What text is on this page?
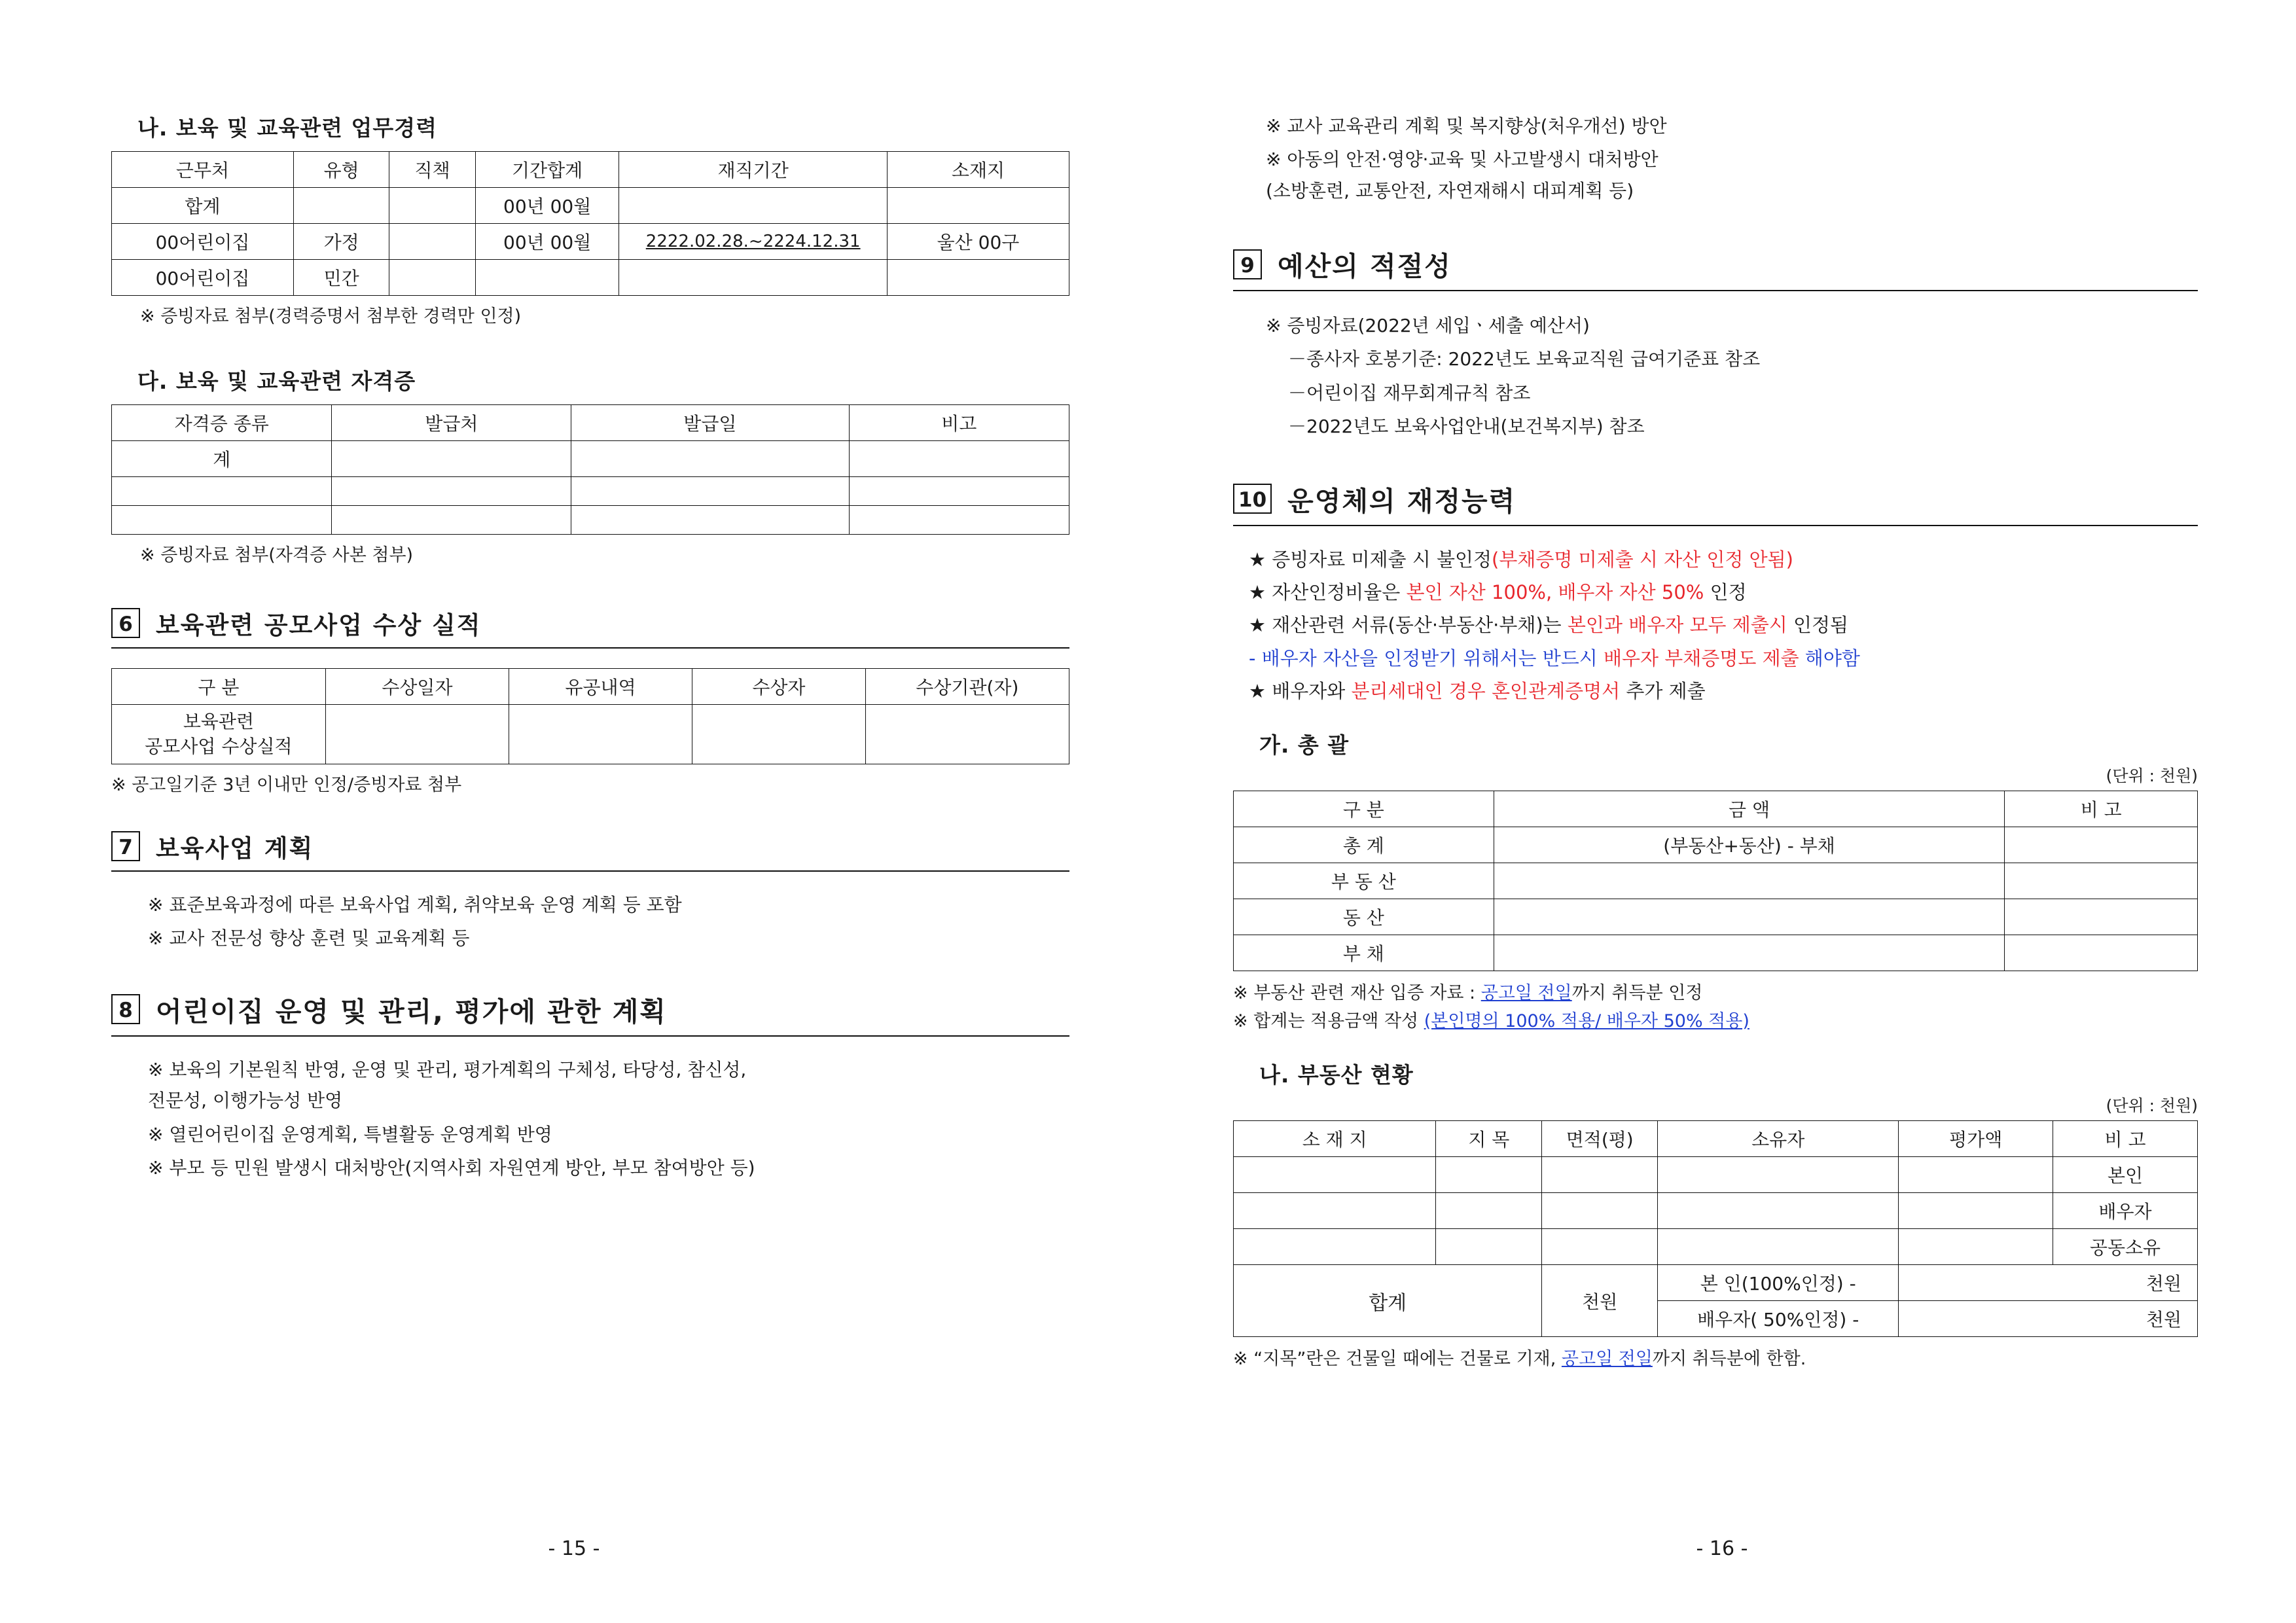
나. 보육 및 교육관련 업무경력
근무처	유형	직책	기간합계	재직기간	소재지
합계			00년 00월		
00어린이집	가정		00년 00월	2222.02.28.~2224.12.31	울산 00구
00어린이집	민간				
※ 증빙자료 첨부(경력증명서 첨부한 경력만 인정)
다. 보육 및 교육관련 자격증
자격증 종류	발급처	발급일	비고
계			

※ 증빙자료 첨부(자격증 사본 첨부)
6 보육관련 공모사업 수상 실적
구 분	수상일자	유공내역	수상자	수상기관(자)
보육관련
공모사업 수상실적				
※ 공고일기준 3년 이내만 인정/증빙자료 첨부
7 보육사업 계획
※ 표준보육과정에 따른 보육사업 계획, 취약보육 운영 계획 등 포함
※ 교사 전문성 향상 훈련 및 교육계획 등
8 어린이집 운영 및 관리, 평가에 관한 계획
※ 보육의 기본원칙 반영, 운영 및 관리, 평가계획의 구체성, 타당성, 참신성,
전문성, 이행가능성 반영
※ 열린어린이집 운영계획, 특별활동 운영계획 반영
※ 부모 등 민원 발생시 대처방안(지역사회 자원연계 방안, 부모 참여방안 등)
- 15 -
※ 교사 교육관리 계획 및 복지향상(처우개선) 방안
※ 아동의 안전·영양·교육 및 사고발생시 대처방안
(소방훈련, 교통안전, 자연재해시 대피계획 등)
9 예산의 적절성
※ 증빙자료(2022년 세입ㆍ세출 예산서)
－종사자 호봉기준: 2022년도 보육교직원 급여기준표 참조
－어린이집 재무회계규칙 참조
－2022년도 보육사업안내(보건복지부) 참조
10 운영체의 재정능력
★ 증빙자료 미제출 시 불인정(부채증명 미제출 시 자산 인정 안됨)
★ 자산인정비율은 본인 자산 100%, 배우자 자산 50% 인정
★ 재산관련 서류(동산·부동산·부채)는 본인과 배우자 모두 제출시 인정됨
- 배우자 자산을 인정받기 위해서는 반드시 배우자 부채증명도 제출 해야함
★ 배우자와 분리세대인 경우 혼인관계증명서 추가 제출
가. 총 괄
(단위 : 천원)
구 분	금 액	비 고
총 계	(부동산+동산) - 부채	
부 동 산		
동 산		
부 채		
※ 부동산 관련 재산 입증 자료 : 공고일 전일까지 취득분 인정
※ 합계는 적용금액 작성 (본인명의 100% 적용/ 배우자 50% 적용)
나. 부동산 현황
(단위 : 천원)
소 재 지	지 목	면적(평)	소유자	평가액	비 고
					본인
					배우자
					공동소유
합계		천원	본 인(100%인정) -	천원	
			배우자( 50%인정) -	천원	
※ “지목”란은 건물일 때에는 건물로 기재, 공고일 전일까지 취득분에 한함.
- 16 -
